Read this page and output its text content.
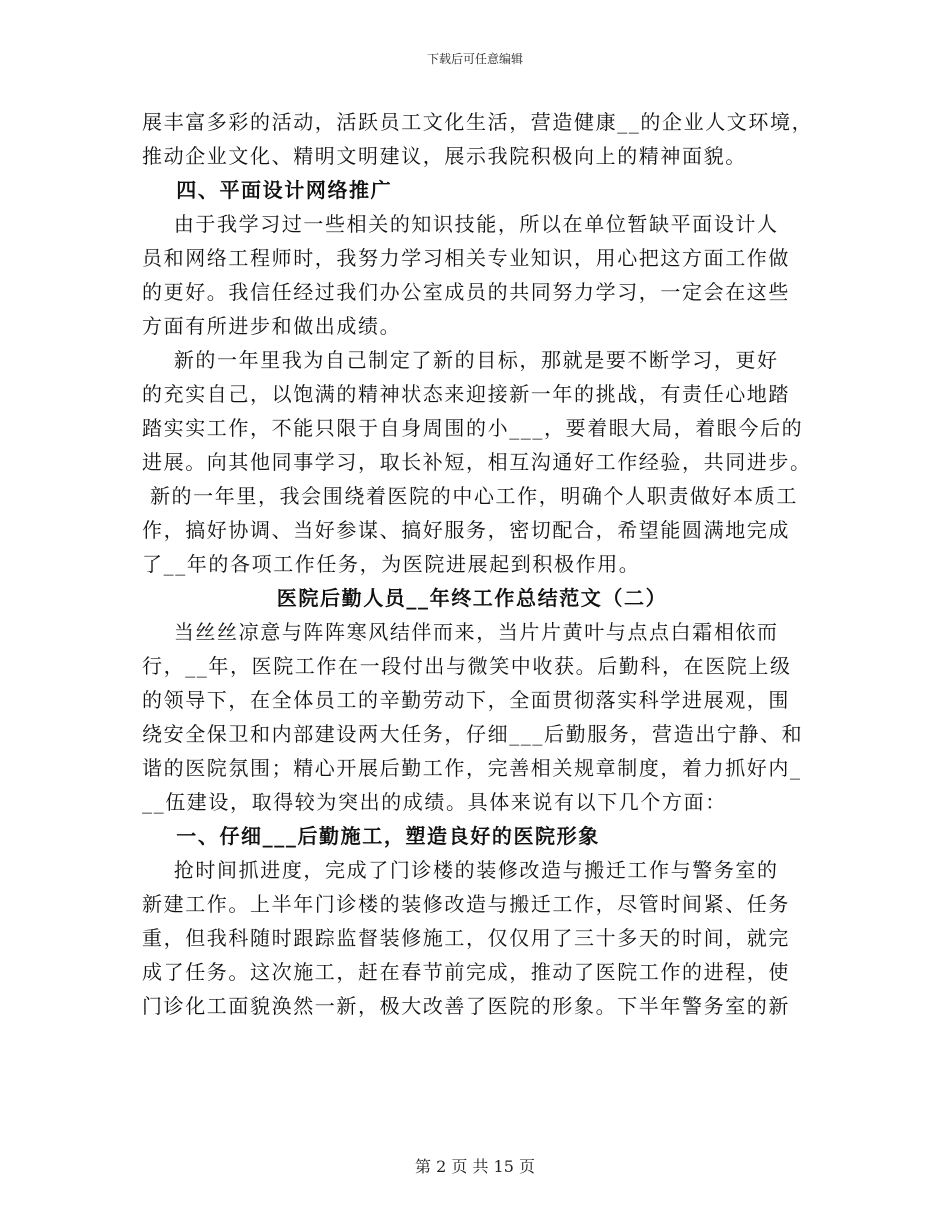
下载后可任意编辑
展丰富多彩的活动，活跃员工文化生活，营造健康__的企业人文环境，
推动企业文化、精明文明建议，展示我院积极向上的精神面貌。
四、平面设计网络推广
由于我学习过一些相关的知识技能，所以在单位暂缺平面设计人
员和网络工程师时，我努力学习相关专业知识，用心把这方面工作做
的更好。我信任经过我们办公室成员的共同努力学习，一定会在这些
方面有所进步和做出成绩。
新的一年里我为自己制定了新的目标，那就是要不断学习，更好
的充实自己，以饱满的精神状态来迎接新一年的挑战，有责任心地踏
踏实实工作，不能只限于自身周围的小___，要着眼大局，着眼今后的
进展。向其他同事学习，取长补短，相互沟通好工作经验，共同进步。
新的一年里，我会围绕着医院的中心工作，明确个人职责做好本质工
作，搞好协调、当好参谋、搞好服务，密切配合，希望能圆满地完成
了__年的各项工作任务，为医院进展起到积极作用。
医院后勤人员__年终工作总结范文（二）
当丝丝凉意与阵阵寒风结伴而来，当片片黄叶与点点白霜相依而
行，__年，医院工作在一段付出与微笑中收获。后勤科，在医院上级
的领导下，在全体员工的辛勤劳动下，全面贯彻落实科学进展观，围
绕安全保卫和内部建设两大任务，仔细___后勤服务，营造出宁静、和
谐的医院氛围；精心开展后勤工作，完善相关规章制度，着力抓好内_
__伍建设，取得较为突出的成绩。具体来说有以下几个方面：
一、仔细___后勤施工，塑造良好的医院形象
抢时间抓进度，完成了门诊楼的装修改造与搬迁工作与警务室的
新建工作。上半年门诊楼的装修改造与搬迁工作，尽管时间紧、任务
重，但我科随时跟踪监督装修施工，仅仅用了三十多天的时间，就完
成了任务。这次施工，赶在春节前完成，推动了医院工作的进程，使
门诊化工面貌涣然一新，极大改善了医院的形象。下半年警务室的新
第 2 页 共 15 页
